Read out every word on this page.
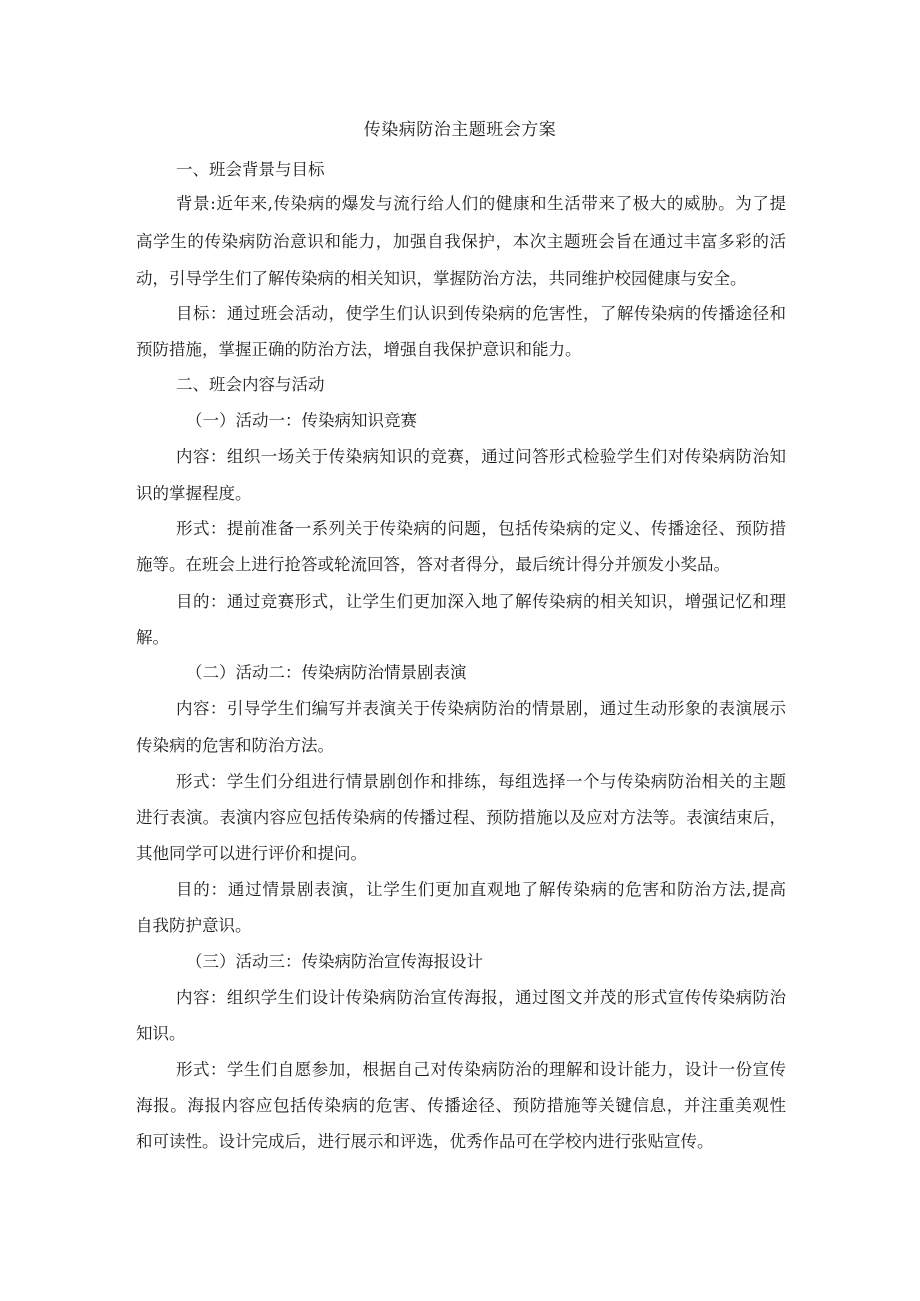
传染病防治主题班会方案
一、班会背景与目标
背景:近年来,传染病的爆发与流行给人们的健康和生活带来了极大的威胁。为了提
高学生的传染病防治意识和能力，加强自我保护，本次主题班会旨在通过丰富多彩的活
动，引导学生们了解传染病的相关知识，掌握防治方法，共同维护校园健康与安全。
目标：通过班会活动，使学生们认识到传染病的危害性，了解传染病的传播途径和
预防措施，掌握正确的防治方法，增强自我保护意识和能力。
二、班会内容与活动
（一）活动一：传染病知识竞赛
内容：组织一场关于传染病知识的竞赛，通过问答形式检验学生们对传染病防治知
识的掌握程度。
形式：提前准备一系列关于传染病的问题，包括传染病的定义、传播途径、预防措
施等。在班会上进行抢答或轮流回答，答对者得分，最后统计得分并颁发小奖品。
目的：通过竞赛形式，让学生们更加深入地了解传染病的相关知识，增强记忆和理
解。
（二）活动二：传染病防治情景剧表演
内容：引导学生们编写并表演关于传染病防治的情景剧，通过生动形象的表演展示
传染病的危害和防治方法。
形式：学生们分组进行情景剧创作和排练，每组选择一个与传染病防治相关的主题
进行表演。表演内容应包括传染病的传播过程、预防措施以及应对方法等。表演结束后，
其他同学可以进行评价和提问。
目的：通过情景剧表演，让学生们更加直观地了解传染病的危害和防治方法,提高
自我防护意识。
（三）活动三：传染病防治宣传海报设计
内容：组织学生们设计传染病防治宣传海报，通过图文并茂的形式宣传传染病防治
知识。
形式：学生们自愿参加，根据自己对传染病防治的理解和设计能力，设计一份宣传
海报。海报内容应包括传染病的危害、传播途径、预防措施等关键信息，并注重美观性
和可读性。设计完成后，进行展示和评选，优秀作品可在学校内进行张贴宣传。
